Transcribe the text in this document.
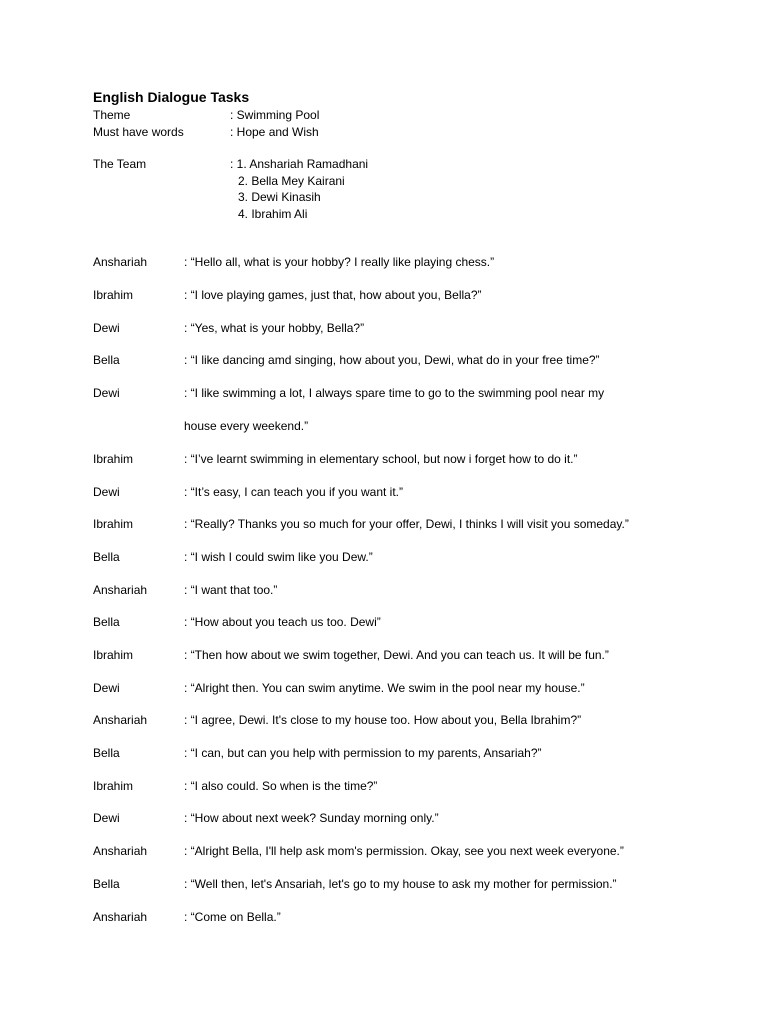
English Dialogue Tasks
Theme	: Swimming Pool
Must have words	: Hope and Wish
The Team	: 1. Anshariah Ramadhani
2. Bella Mey Kairani
3. Dewi Kinasih
4. Ibrahim Ali
Anshariah	: “Hello all, what is your hobby? I really like playing chess.”
Ibrahim	: “I love playing games, just that, how about you, Bella?”
Dewi	: “Yes, what is your hobby, Bella?”
Bella	: “I like dancing amd singing, how about you, Dewi, what do in your free time?”
Dewi	: “I like swimming a lot, I always spare time to go to the swimming pool near my
house every weekend.”
Ibrahim	: “I’ve learnt swimming in elementary school, but now i forget how to do it.”
Dewi	: “It’s easy, I can teach you if you want it.”
Ibrahim	: “Really? Thanks you so much for your offer, Dewi, I thinks I will visit you someday.”
Bella	: “I wish I could swim like you Dew.”
Anshariah	: “I want that too.”
Bella	: “How about you teach us too. Dewi”
Ibrahim	: “Then how about we swim together, Dewi. And you can teach us. It will be fun.”
Dewi	: “Alright then. You can swim anytime. We swim in the pool near my house.”
Anshariah	: “I agree, Dewi. It's close to my house too. How about you, Bella Ibrahim?”
Bella	: “I can, but can you help with permission to my parents, Ansariah?”
Ibrahim	: “I also could. So when is the time?”
Dewi	: “How about next week? Sunday morning only.”
Anshariah	: “Alright Bella, I'll help ask mom's permission. Okay, see you next week everyone.”
Bella	: “Well then, let's Ansariah, let's go to my house to ask my mother for permission.”
Anshariah	: “Come on Bella.”
